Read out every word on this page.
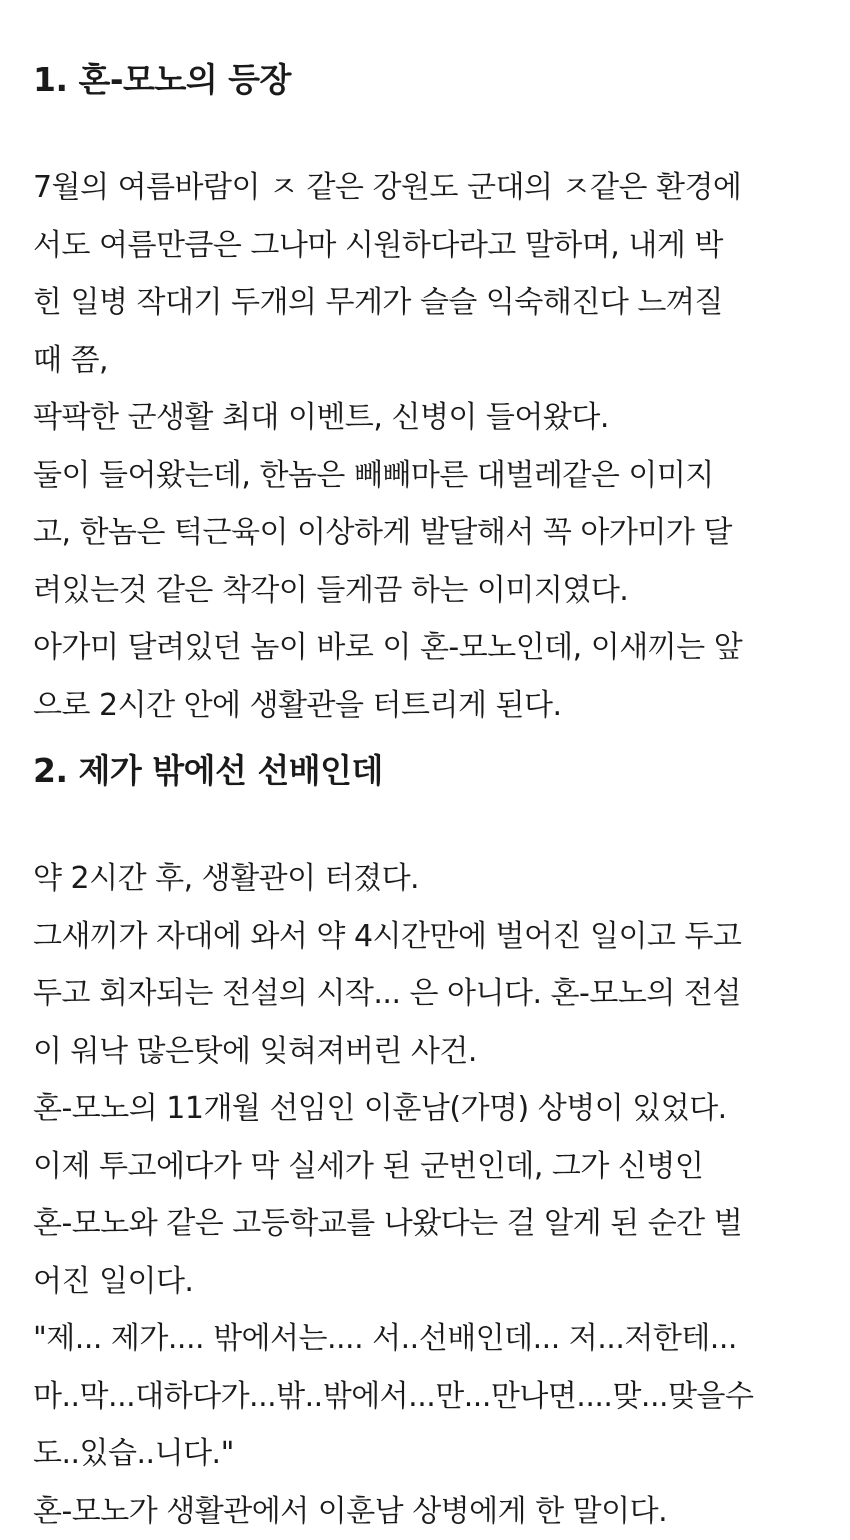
1. 혼-모노의 등장
7월의 여름바람이 ㅈ 같은 강원도 군대의 ㅈ같은 환경에
서도 여름만큼은 그나마 시원하다라고 말하며, 내게 박
힌 일병 작대기 두개의 무게가 슬슬 익숙해진다 느껴질
때 쯤,
팍팍한 군생활 최대 이벤트, 신병이 들어왔다.
둘이 들어왔는데, 한놈은 빼빼마른 대벌레같은 이미지
고, 한놈은 턱근육이 이상하게 발달해서 꼭 아가미가 달
려있는것 같은 착각이 들게끔 하는 이미지였다.
아가미 달려있던 놈이 바로 이 혼-모노인데, 이새끼는 앞
으로 2시간 안에 생활관을 터트리게 된다.
2. 제가 밖에선 선배인데
약 2시간 후, 생활관이 터졌다.
그새끼가 자대에 와서 약 4시간만에 벌어진 일이고 두고
두고 회자되는 전설의 시작... 은 아니다. 혼-모노의 전설
이 워낙 많은탓에 잊혀져버린 사건.
혼-모노의 11개월 선임인 이훈남(가명) 상병이 있었다.
이제 투고에다가 막 실세가 된 군번인데, 그가 신병인
혼-모노와 같은 고등학교를 나왔다는 걸 알게 된 순간 벌
어진 일이다.
"제... 제가.... 밖에서는.... 서..선배인데... 저...저한테...
마..막...대하다가...밖..밖에서...만...만나면....맞...맞을수
도..있습..니다."
혼-모노가 생활관에서 이훈남 상병에게 한 말이다.
